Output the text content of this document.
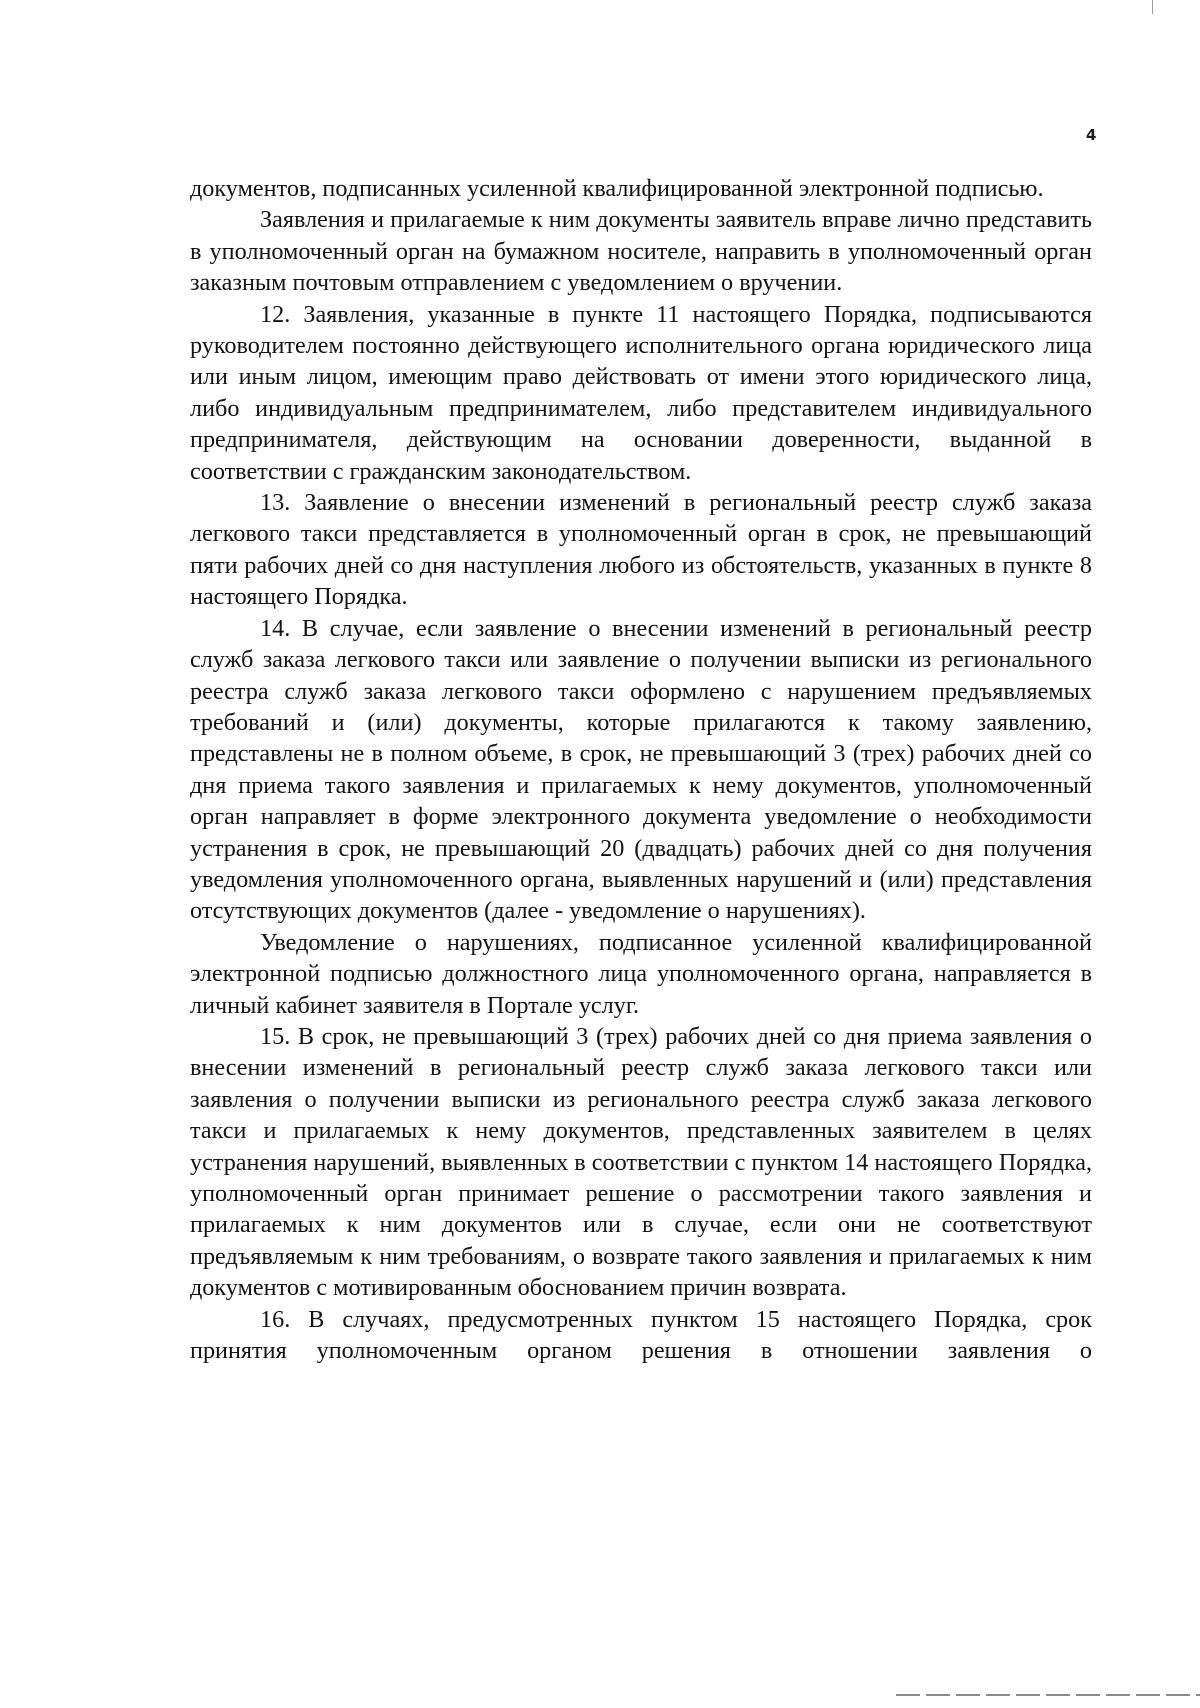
4

документов, подписанных усиленной квалифицированной электронной подписью.

Заявления и прилагаемые к ним документы заявитель вправе лично представить в уполномоченный орган на бумажном носителе, направить в уполномоченный орган заказным почтовым отправлением с уведомлением о вручении.

12. Заявления, указанные в пункте 11 настоящего Порядка, подписываются руководителем постоянно действующего исполнительного органа юридического лица или иным лицом, имеющим право действовать от имени этого юридического лица, либо индивидуальным предпринимателем, либо представителем индивидуального предпринимателя, действующим на основании доверенности, выданной в соответствии с гражданским законодательством.

13. Заявление о внесении изменений в региональный реестр служб заказа легкового такси представляется в уполномоченный орган в срок, не превышающий пяти рабочих дней со дня наступления любого из обстоятельств, указанных в пункте 8 настоящего Порядка.

14. В случае, если заявление о внесении изменений в региональный реестр служб заказа легкового такси или заявление о получении выписки из регионального реестра служб заказа легкового такси оформлено с нарушением предъявляемых требований и (или) документы, которые прилагаются к такому заявлению, представлены не в полном объеме, в срок, не превышающий 3 (трех) рабочих дней со дня приема такого заявления и прилагаемых к нему документов, уполномоченный орган направляет в форме электронного документа уведомление о необходимости устранения в срок, не превышающий 20 (двадцать) рабочих дней со дня получения уведомления уполномоченного органа, выявленных нарушений и (или) представления отсутствующих документов (далее - уведомление о нарушениях).

Уведомление о нарушениях, подписанное усиленной квалифицированной электронной подписью должностного лица уполномоченного органа, направляется в личный кабинет заявителя в Портале услуг.

15. В срок, не превышающий 3 (трех) рабочих дней со дня приема заявления о внесении изменений в региональный реестр служб заказа легкового такси или заявления о получении выписки из регионального реестра служб заказа легкового такси и прилагаемых к нему документов, представленных заявителем в целях устранения нарушений, выявленных в соответствии с пунктом 14 настоящего Порядка, уполномоченный орган принимает решение о рассмотрении такого заявления и прилагаемых к ним документов или в случае, если они не соответствуют предъявляемым к ним требованиям, о возврате такого заявления и прилагаемых к ним документов с мотивированным обоснованием причин возврата.

16. В случаях, предусмотренных пунктом 15 настоящего Порядка, срок принятия уполномоченным органом решения в отношении заявления о
